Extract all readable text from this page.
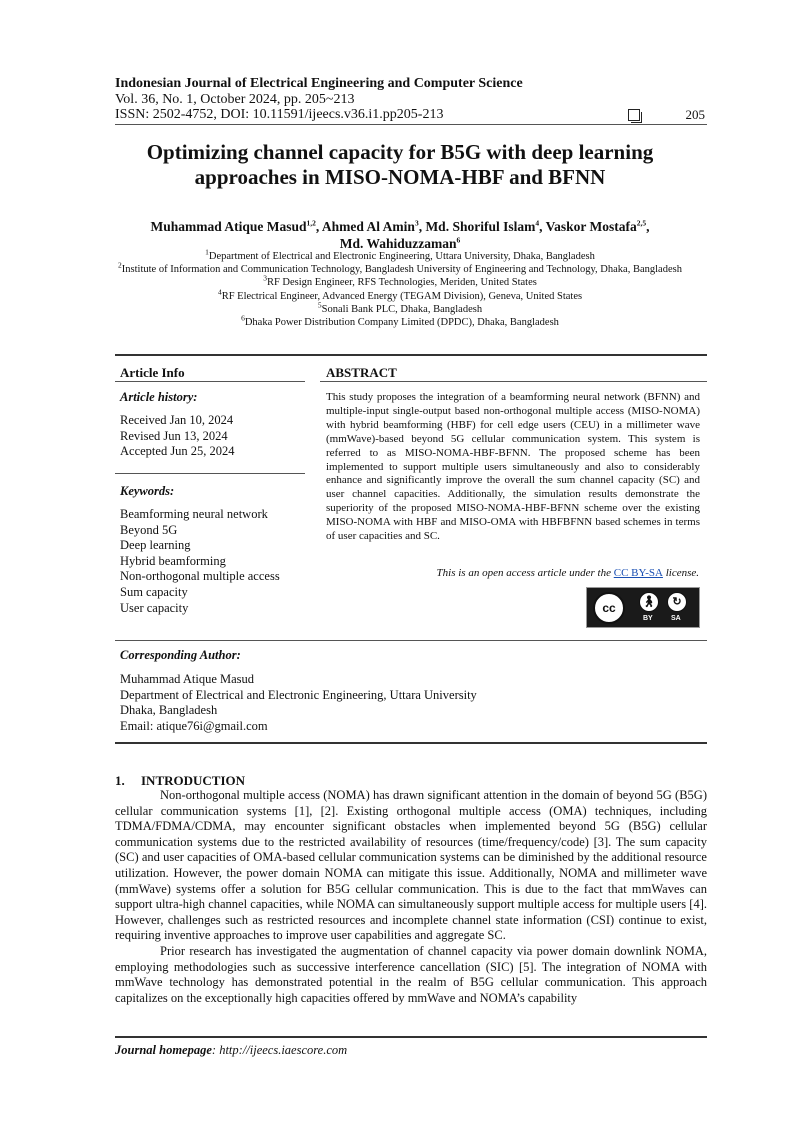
Indonesian Journal of Electrical Engineering and Computer Science
Vol. 36, No. 1, October 2024, pp. 205~213
ISSN: 2502-4752, DOI: 10.11591/ijeecs.v36.i1.pp205-213	205
Optimizing channel capacity for B5G with deep learning
approaches in MISO-NOMA-HBF and BFNN
Muhammad Atique Masud$^{1,2}$, Ahmed Al Amin$^3$, Md. Shoriful Islam$^4$, Vaskor Mostafa$^{2,5}$,
Md. Wahiduzzaman$^6$
$^1$Department of Electrical and Electronic Engineering, Uttara University, Dhaka, Bangladesh
$^2$Institute of Information and Communication Technology, Bangladesh University of Engineering and Technology, Dhaka, Bangladesh
$^3$RF Design Engineer, RFS Technologies, Meriden, United States
$^4$RF Electrical Engineer, Advanced Energy (TEGAM Division), Geneva, United States
$^5$Sonali Bank PLC, Dhaka, Bangladesh
$^6$Dhaka Power Distribution Company Limited (DPDC), Dhaka, Bangladesh
Article Info	ABSTRACT
Article history:
Received Jan 10, 2024
Revised Jun 13, 2024
Accepted Jun 25, 2024
Keywords:
Beamforming neural network
Beyond 5G
Deep learning
Hybrid beamforming
Non-orthogonal multiple access
Sum capacity
User capacity
This study proposes the integration of a beamforming neural network (BFNN) and multiple-input single-output based non-orthogonal multiple access (MISO-NOMA) with hybrid beamforming (HBF) for cell edge users (CEU) in a millimeter wave (mmWave)-based beyond 5G cellular communication system. This system is referred to as MISO-NOMA-HBF-BFNN. The proposed scheme has been implemented to support multiple users simultaneously and also to considerably enhance and significantly improve the overall the sum channel capacity (SC) and user channel capacities. Additionally, the simulation results demonstrate the superiority of the proposed MISO-NOMA-HBF-BFNN scheme over the existing MISO-NOMA with HBF and MISO-OMA with HBFBFNN based schemes in terms of user capacities and SC.
This is an open access article under the CC BY-SA license.
cc	🚶︎	↻
BY	SA
Corresponding Author:
Muhammad Atique Masud
Department of Electrical and Electronic Engineering, Uttara University
Dhaka, Bangladesh
Email: atique76i@gmail.com
1.     INTRODUCTION

Non-orthogonal multiple access (NOMA) has drawn significant attention in the domain of beyond 5G (B5G) cellular communication systems [1], [2]. Existing orthogonal multiple access (OMA) techniques, including TDMA/FDMA/CDMA, may encounter significant obstacles when implemented beyond 5G (B5G) cellular communication systems due to the restricted availability of resources (time/frequency/code) [3]. The sum capacity (SC) and user capacities of OMA-based cellular communication systems can be diminished by the additional resource utilization. However, the power domain NOMA can mitigate this issue. Additionally, NOMA and millimeter wave (mmWave) systems offer a solution for B5G cellular communication. This is due to the fact that mmWaves can support ultra-high channel capacities, while NOMA can simultaneously support multiple access for multiple users [4]. However, challenges such as restricted resources and incomplete channel state information (CSI) continue to exist, requiring inventive approaches to improve user capabilities and aggregate SC.

Prior research has investigated the augmentation of channel capacity via power domain downlink NOMA, employing methodologies such as successive interference cancellation (SIC) [5]. The integration of NOMA with mmWave technology has demonstrated potential in the realm of B5G cellular communication. This approach capitalizes on the exceptionally high capacities offered by mmWave and NOMA’s capability

Journal homepage: http://ijeecs.iaescore.com
